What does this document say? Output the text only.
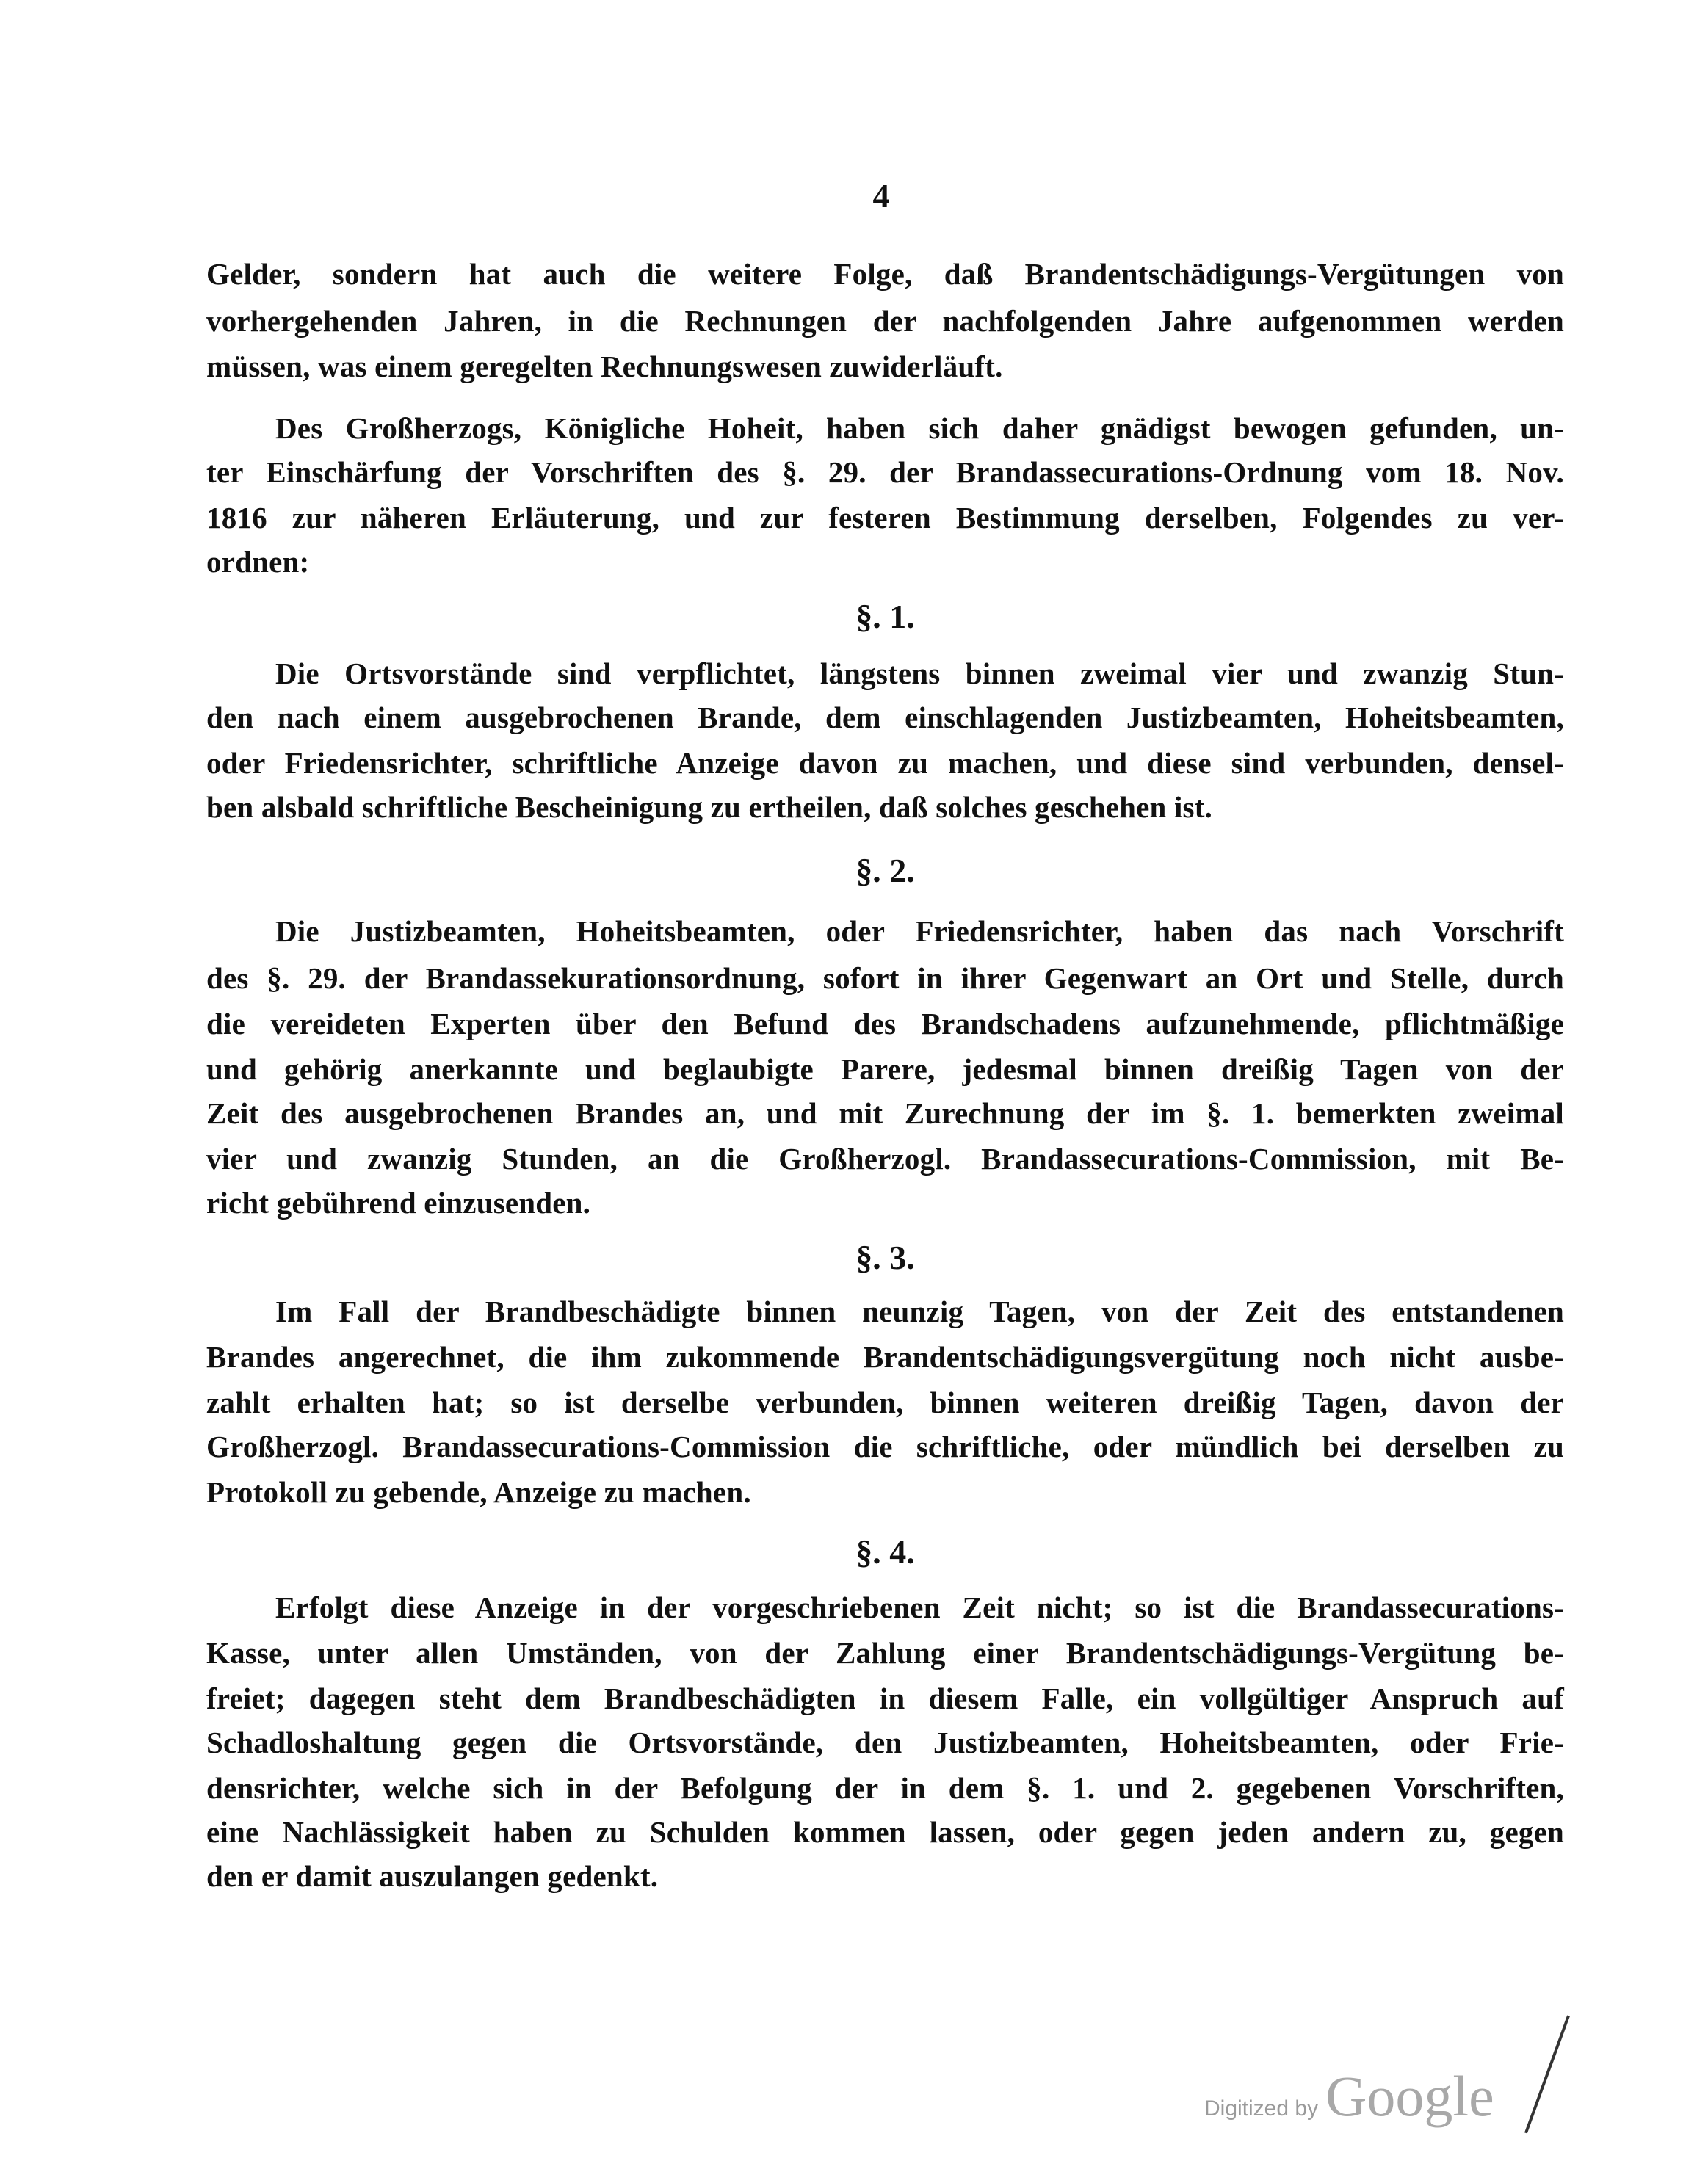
4
Gelder, sondern hat auch die weitere Folge, daß Brandentschädigungs-Vergütungen von
vorhergehenden Jahren, in die Rechnungen der nachfolgenden Jahre aufgenommen werden
müssen, was einem geregelten Rechnungswesen zuwiderläuft.
Des Großherzogs, Königliche Hoheit, haben sich daher gnädigst bewogen gefunden, un-
ter Einschärfung der Vorschriften des §. 29. der Brandassecurations-Ordnung vom 18. Nov.
1816 zur näheren Erläuterung, und zur festeren Bestimmung derselben, Folgendes zu ver-
ordnen:
§. 1.
Die Ortsvorstände sind verpflichtet, längstens binnen zweimal vier und zwanzig Stun-
den nach einem ausgebrochenen Brande, dem einschlagenden Justizbeamten, Hoheitsbeamten,
oder Friedensrichter, schriftliche Anzeige davon zu machen, und diese sind verbunden, densel-
ben alsbald schriftliche Bescheinigung zu ertheilen, daß solches geschehen ist.
§. 2.
Die Justizbeamten, Hoheitsbeamten, oder Friedensrichter, haben das nach Vorschrift
des §. 29. der Brandassekurationsordnung, sofort in ihrer Gegenwart an Ort und Stelle, durch
die vereideten Experten über den Befund des Brandschadens aufzunehmende, pflichtmäßige
und gehörig anerkannte und beglaubigte Parere, jedesmal binnen dreißig Tagen von der
Zeit des ausgebrochenen Brandes an, und mit Zurechnung der im §. 1. bemerkten zweimal
vier und zwanzig Stunden, an die Großherzogl. Brandassecurations-Commission, mit Be-
richt gebührend einzusenden.
§. 3.
Im Fall der Brandbeschädigte binnen neunzig Tagen, von der Zeit des entstandenen
Brandes angerechnet, die ihm zukommende Brandentschädigungsvergütung noch nicht ausbe-
zahlt erhalten hat; so ist derselbe verbunden, binnen weiteren dreißig Tagen, davon der
Großherzogl. Brandassecurations-Commission die schriftliche, oder mündlich bei derselben zu
Protokoll zu gebende, Anzeige zu machen.
§. 4.
Erfolgt diese Anzeige in der vorgeschriebenen Zeit nicht; so ist die Brandassecurations-
Kasse, unter allen Umständen, von der Zahlung einer Brandentschädigungs-Vergütung be-
freiet; dagegen steht dem Brandbeschädigten in diesem Falle, ein vollgültiger Anspruch auf
Schadloshaltung gegen die Ortsvorstände, den Justizbeamten, Hoheitsbeamten, oder Frie-
densrichter, welche sich in der Befolgung der in dem §. 1. und 2. gegebenen Vorschriften,
eine Nachlässigkeit haben zu Schulden kommen lassen, oder gegen jeden andern zu, gegen
den er damit auszulangen gedenkt.
Digitized by Google
